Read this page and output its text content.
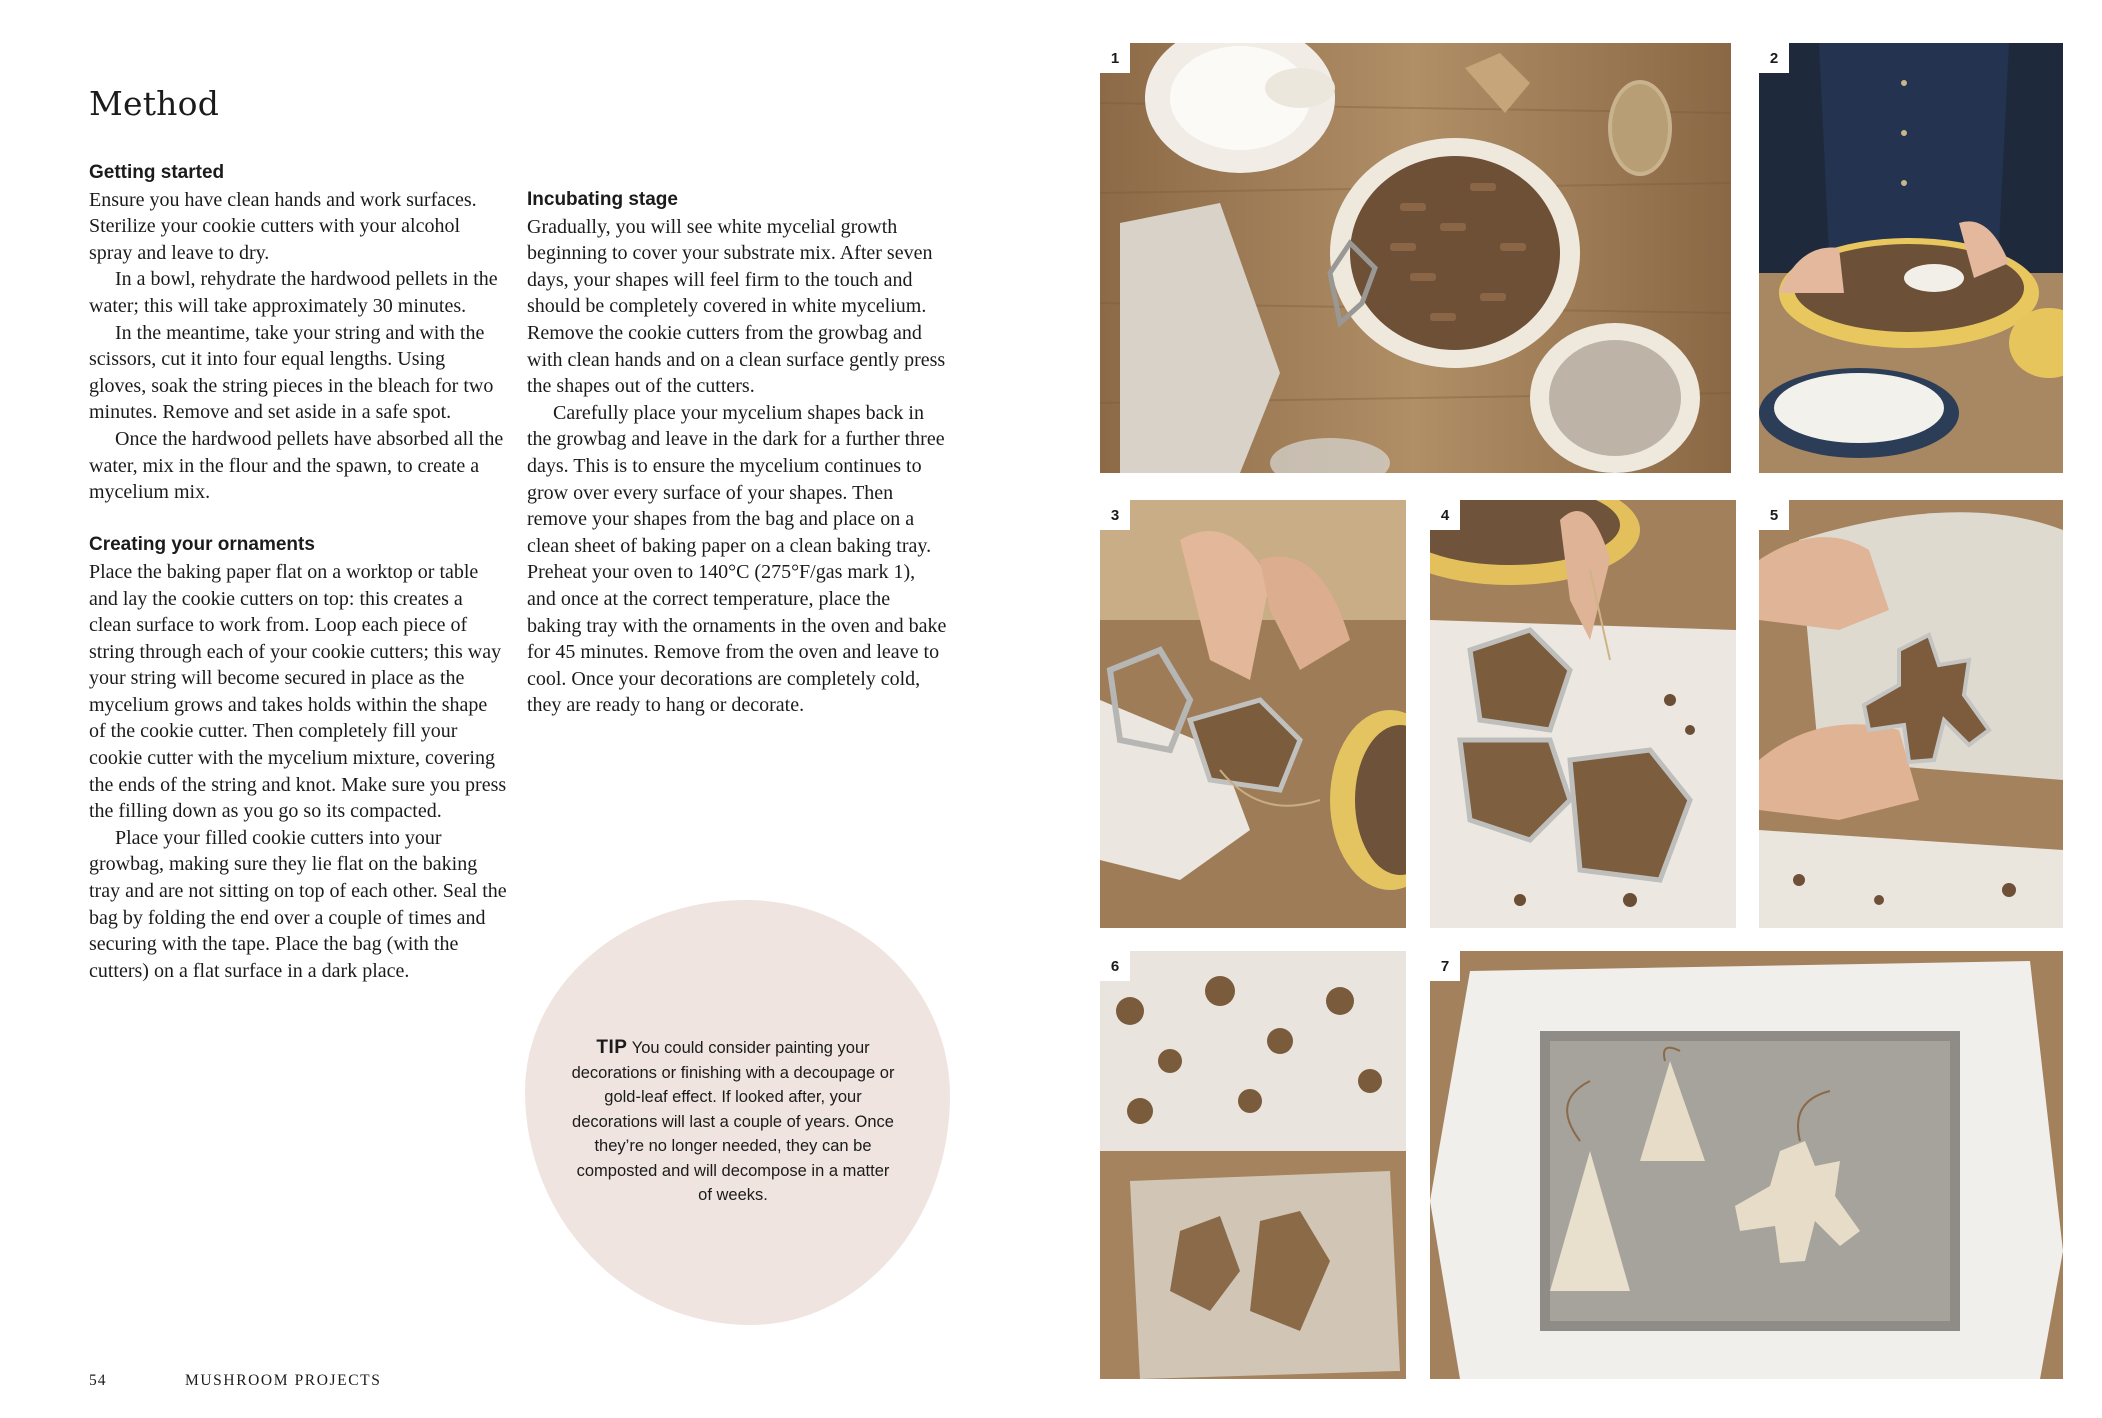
Method

Getting started

Ensure you have clean hands and work surfaces. Sterilize your cookie cutters with your alcohol spray and leave to dry.

In a bowl, rehydrate the hardwood pellets in the water; this will take approximately 30 minutes.

In the meantime, take your string and with the scissors, cut it into four equal lengths. Using gloves, soak the string pieces in the bleach for two minutes. Remove and set aside in a safe spot.

Once the hardwood pellets have absorbed all the water, mix in the flour and the spawn, to create a mycelium mix.

Creating your ornaments

Place the baking paper flat on a worktop or table and lay the cookie cutters on top: this creates a clean surface to work from. Loop each piece of string through each of your cookie cutters; this way your string will become secured in place as the mycelium grows and takes holds within the shape of the cookie cutter. Then completely fill your cookie cutter with the mycelium mixture, covering the ends of the string and knot. Make sure you press the filling down as you go so its compacted.

Place your filled cookie cutters into your growbag, making sure they lie flat on the baking tray and are not sitting on top of each other. Seal the bag by folding the end over a couple of times and securing with the tape. Place the bag (with the cutters) on a flat surface in a dark place.

Incubating stage

Gradually, you will see white mycelial growth beginning to cover your substrate mix. After seven days, your shapes will feel firm to the touch and should be completely covered in white mycelium. Remove the cookie cutters from the growbag and with clean hands and on a clean surface gently press the shapes out of the cutters.

Carefully place your mycelium shapes back in the growbag and leave in the dark for a further three days. This is to ensure the mycelium continues to grow over every surface of your shapes. Then remove your shapes from the bag and place on a clean sheet of baking paper on a clean baking tray. Preheat your oven to 140°C (275°F/gas mark 1), and once at the correct temperature, place the baking tray with the ornaments in the oven and bake for 45 minutes. Remove from the oven and leave to cool. Once your decorations are completely cold, they are ready to hang or decorate.

TIP You could consider painting your decorations or finishing with a decoupage or gold-leaf effect. If looked after, your decorations will last a couple of years. Once they’re no longer needed, they can be composted and will decompose in a matter of weeks.
54	MUSHROOM PROJECTS
1	2
3	4	5
6	7
